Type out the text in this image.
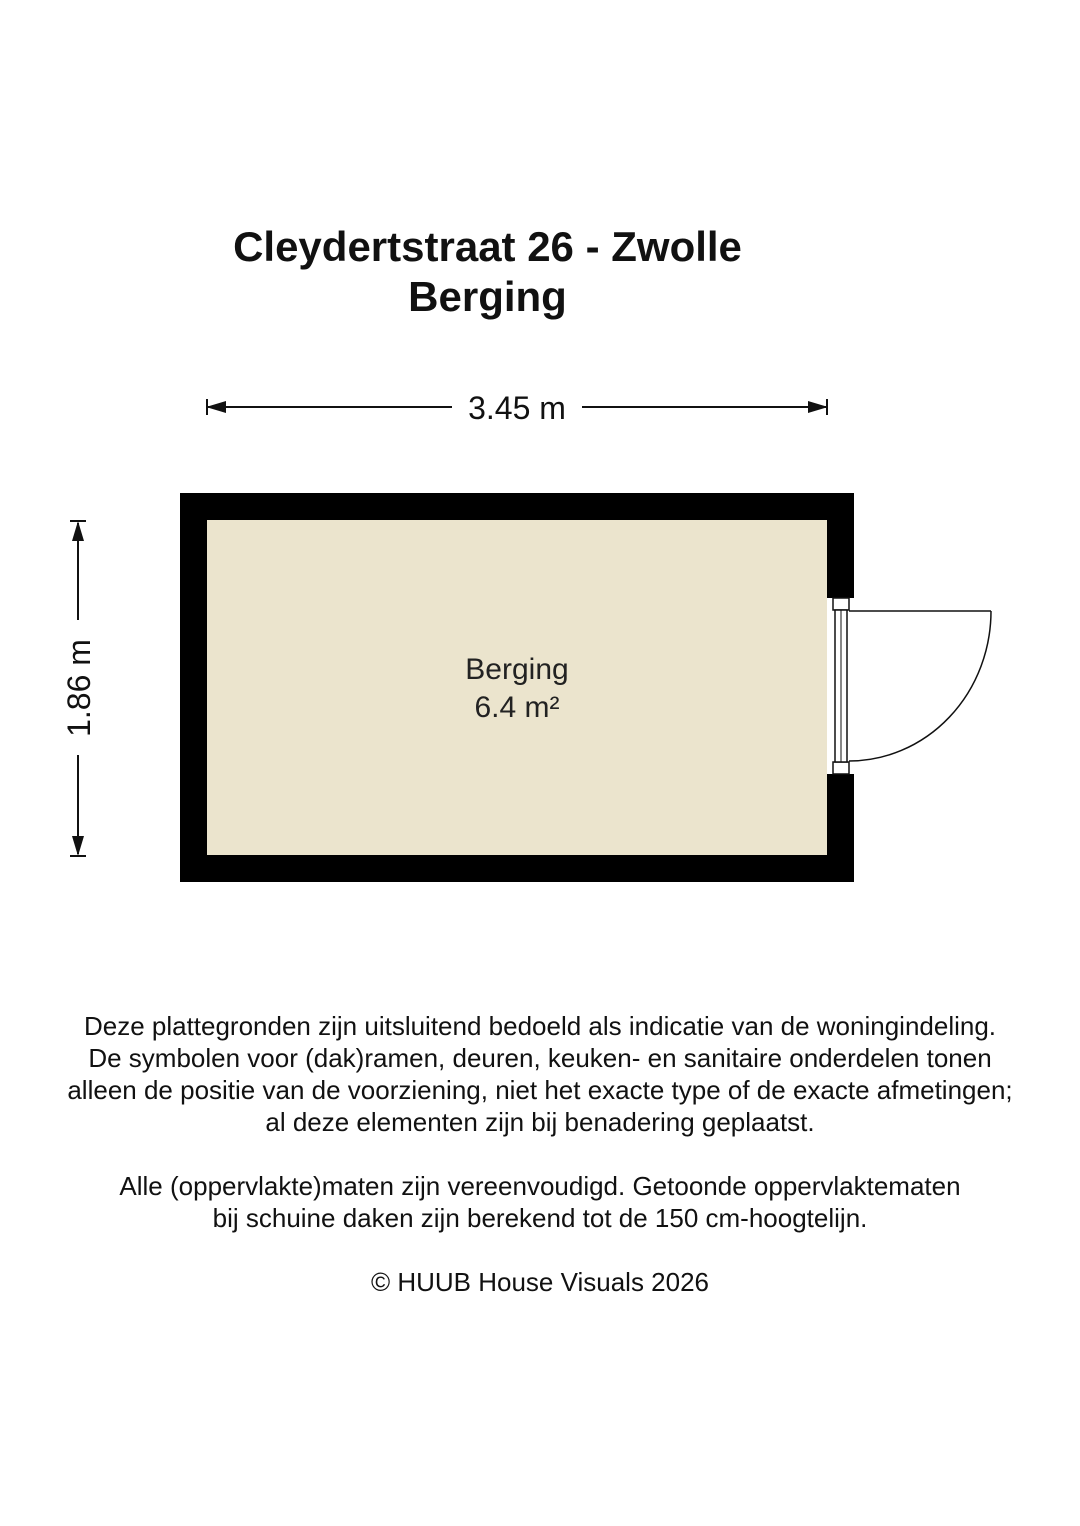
Cleydertstraat 26 - Zwolle
Berging
3.45 m
1.86 m	Berging
6.4 m²

Deze plattegronden zijn uitsluitend bedoeld als indicatie van de woningindeling.
De symbolen voor (dak)ramen, deuren, keuken- en sanitaire onderdelen tonen
alleen de positie van de voorziening, niet het exacte type of de exacte afmetingen;
al deze elementen zijn bij benadering geplaatst.

Alle (oppervlakte)maten zijn vereenvoudigd. Getoonde oppervlaktematen
bij schuine daken zijn berekend tot de 150 cm-hoogtelijn.

© HUUB House Visuals 2026
